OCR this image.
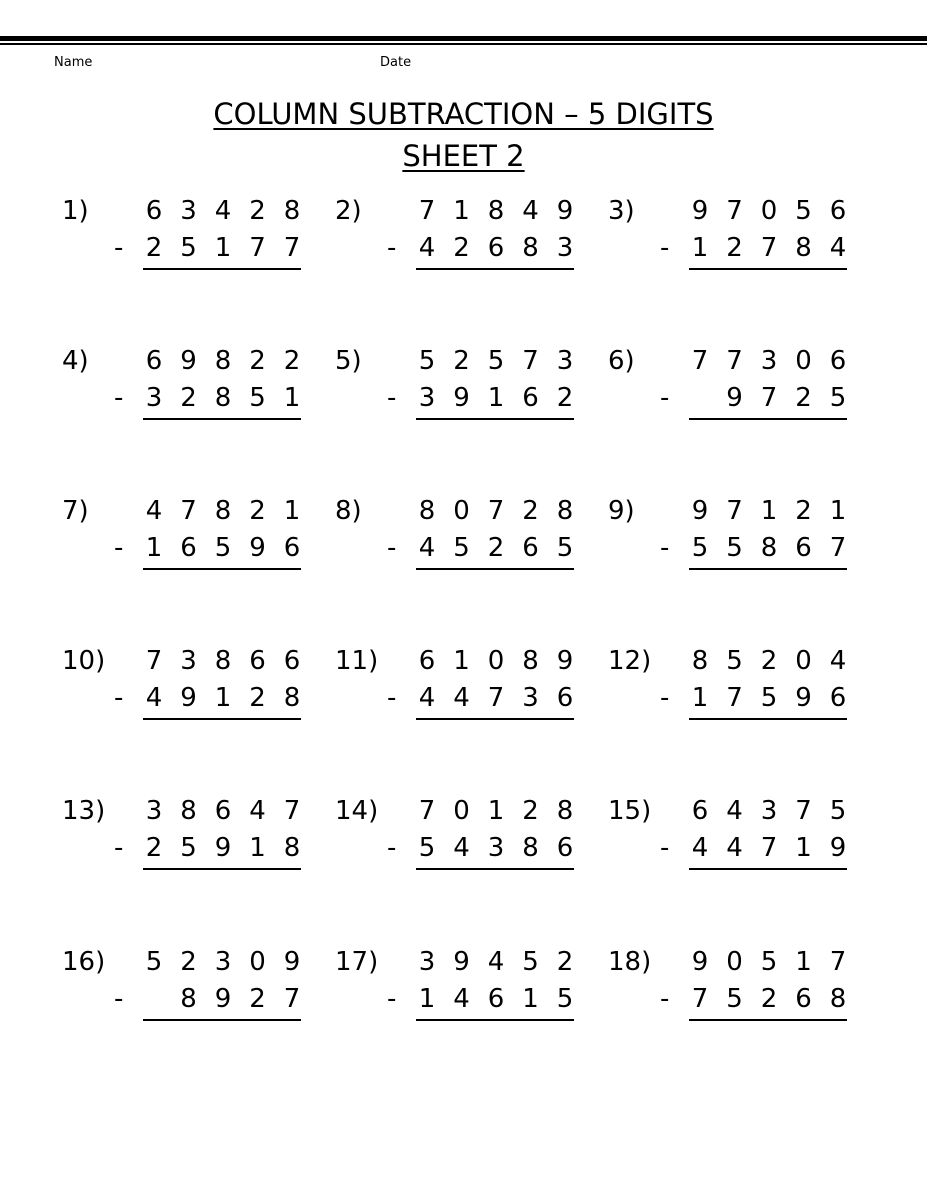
Name	Date
COLUMN SUBTRACTION – 5 DIGITS
SHEET 2
1) 6 3 4 2 8
- 2 5 1 7 7
2) 7 1 8 4 9
- 4 2 6 8 3
3) 9 7 0 5 6
- 1 2 7 8 4
4) 6 9 8 2 2
- 3 2 8 5 1
5) 5 2 5 7 3
- 3 9 1 6 2
6) 7 7 3 0 6
- 9 7 2 5
7) 4 7 8 2 1
- 1 6 5 9 6
8) 8 0 7 2 8
- 4 5 2 6 5
9) 9 7 1 2 1
- 5 5 8 6 7
10) 7 3 8 6 6
- 4 9 1 2 8
11) 6 1 0 8 9
- 4 4 7 3 6
12) 8 5 2 0 4
- 1 7 5 9 6
13) 3 8 6 4 7
- 2 5 9 1 8
14) 7 0 1 2 8
- 5 4 3 8 6
15) 6 4 3 7 5
- 4 4 7 1 9
16) 5 2 3 0 9
- 8 9 2 7
17) 3 9 4 5 2
- 1 4 6 1 5
18) 9 0 5 1 7
- 7 5 2 6 8
